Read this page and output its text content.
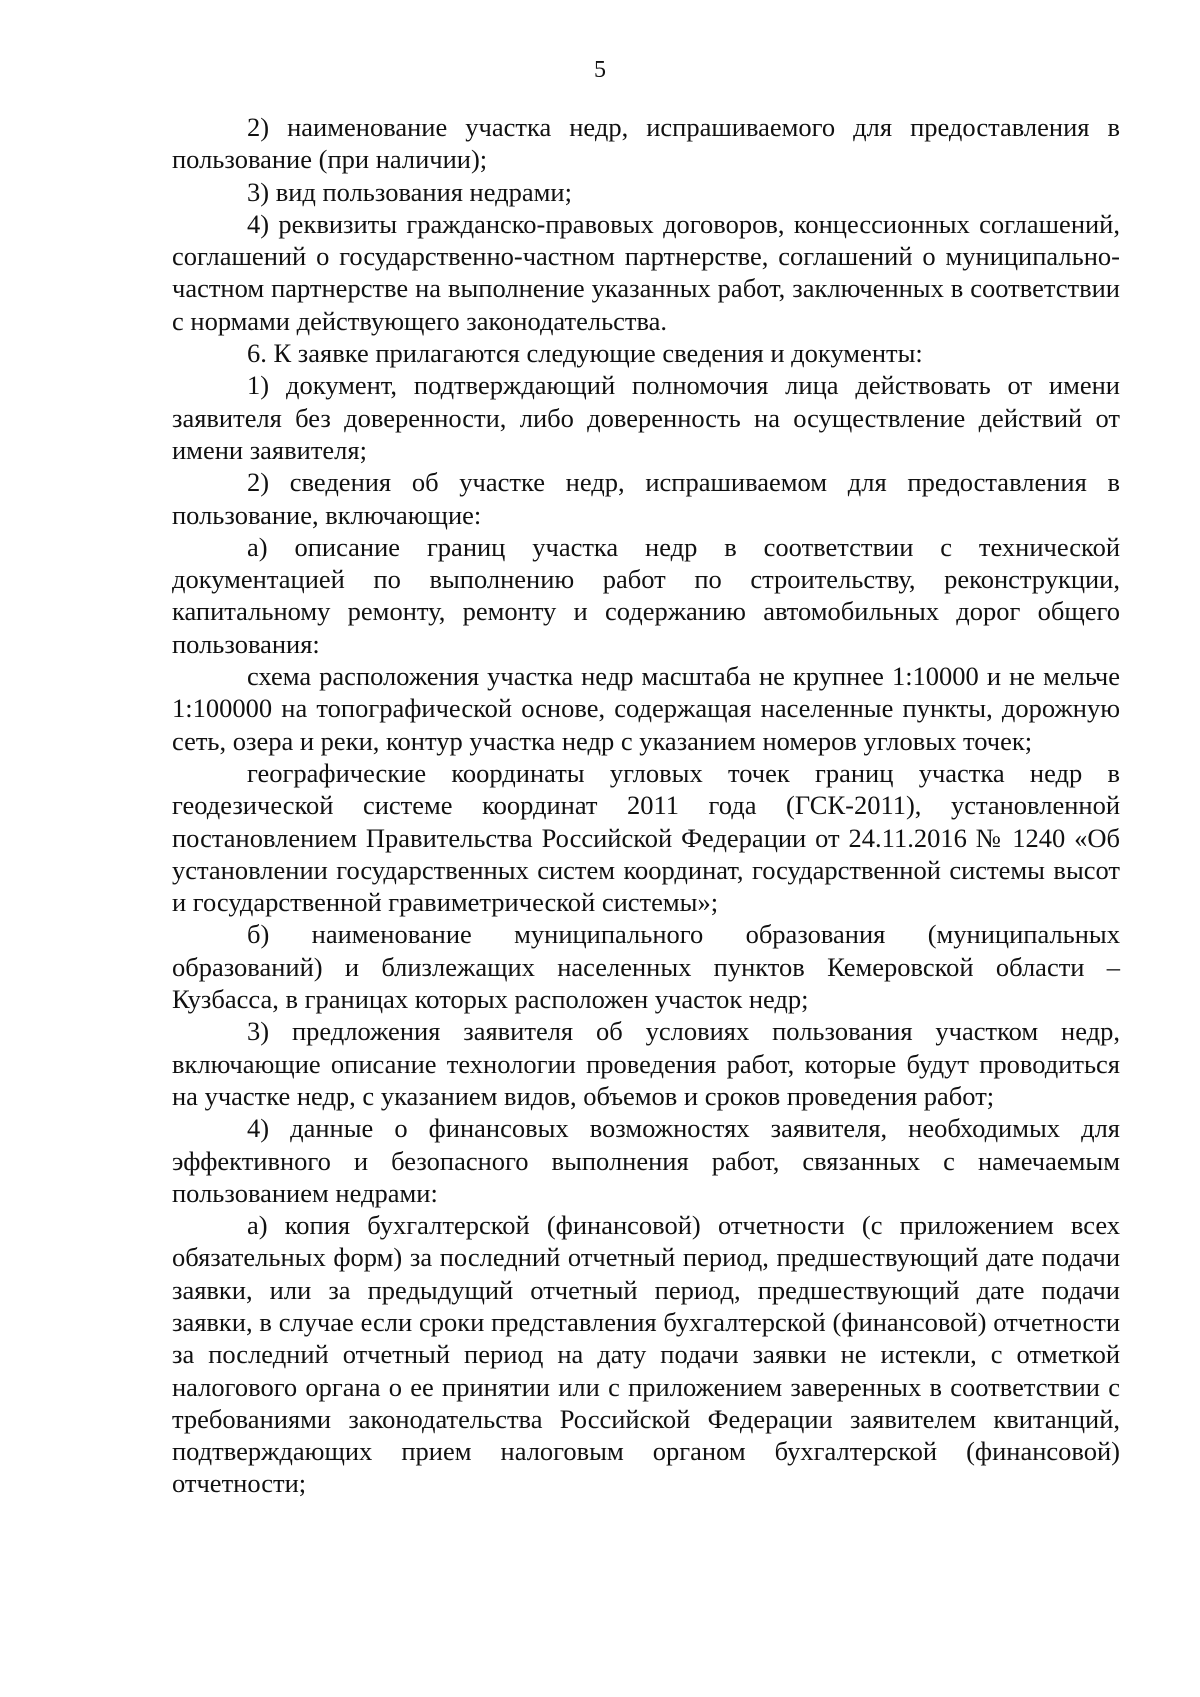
5

2) наименование участка недр, испрашиваемого для предоставления в пользование (при наличии);

3) вид пользования недрами;

4) реквизиты гражданско-правовых договоров, концессионных соглашений, соглашений о государственно-частном партнерстве, соглашений о муниципально-частном партнерстве на выполнение указанных работ, заключенных в соответствии с нормами действующего законодательства.

6. К заявке прилагаются следующие сведения и документы:

1) документ, подтверждающий полномочия лица действовать от имени заявителя без доверенности, либо доверенность на осуществление действий от имени заявителя;

2) сведения об участке недр, испрашиваемом для предоставления в пользование, включающие:

а) описание границ участка недр в соответствии с технической документацией по выполнению работ по строительству, реконструкции, капитальному ремонту, ремонту и содержанию автомобильных дорог общего пользования:

схема расположения участка недр масштаба не крупнее 1:10000 и не мельче 1:100000 на топографической основе, содержащая населенные пункты, дорожную сеть, озера и реки, контур участка недр с указанием номеров угловых точек;

географические координаты угловых точек границ участка недр в геодезической системе координат 2011 года (ГСК-2011), установленной постановлением Правительства Российской Федерации от 24.11.2016 № 1240 «Об установлении государственных систем координат, государственной системы высот и государственной гравиметрической системы»;

б) наименование муниципального образования (муниципальных образований) и близлежащих населенных пунктов Кемеровской области – Кузбасса, в границах которых расположен участок недр;

3) предложения заявителя об условиях пользования участком недр, включающие описание технологии проведения работ, которые будут проводиться на участке недр, с указанием видов, объемов и сроков проведения работ;

4) данные о финансовых возможностях заявителя, необходимых для эффективного и безопасного выполнения работ, связанных с намечаемым пользованием недрами:

а) копия бухгалтерской (финансовой) отчетности (с приложением всех обязательных форм) за последний отчетный период, предшествующий дате подачи заявки, или за предыдущий отчетный период, предшествующий дате подачи заявки, в случае если сроки представления бухгалтерской (финансовой) отчетности за последний отчетный период на дату подачи заявки не истекли, с отметкой налогового органа о ее принятии или с приложением заверенных в соответствии с требованиями законодательства Российской Федерации заявителем квитанций, подтверждающих прием налоговым органом бухгалтерской (финансовой) отчетности;
